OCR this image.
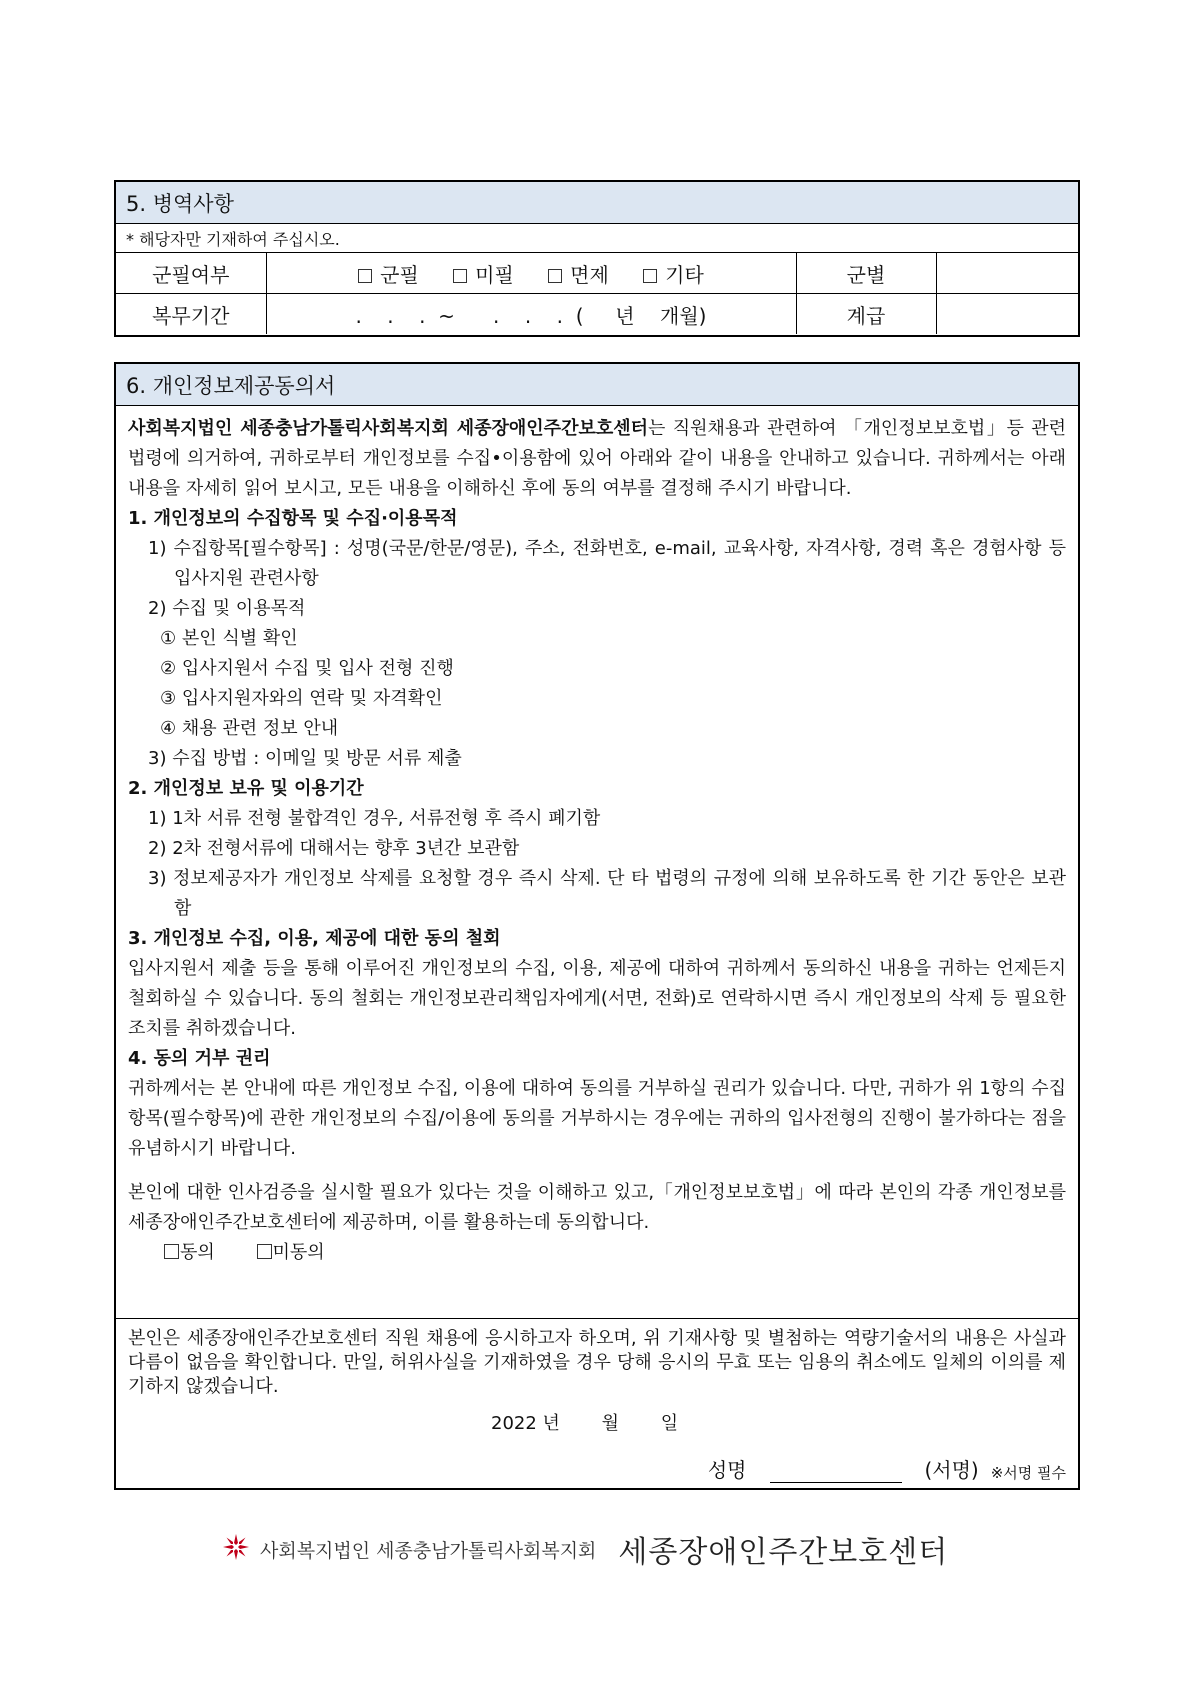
5. 병역사항
* 해당자만 기재하여 주십시오.
군필여부	군필 미필 면제 기타	군별	
복무기간	.    .    .  ~      .    .    .  (     년    개월)	계급	
6. 개인정보제공동의서

사회복지법인 세종충남가톨릭사회복지회 세종장애인주간보호센터는 직원채용과 관련하여 「개인정보보호법」등 관련 법령에 의거하여, 귀하로부터 개인정보를 수집•이용함에 있어 아래와 같이 내용을 안내하고 있습니다. 귀하께서는 아래 내용을 자세히 읽어 보시고, 모든 내용을 이해하신 후에 동의 여부를 결정해 주시기 바랍니다.

1. 개인정보의 수집항목 및 수집·이용목적

1) 수집항목[필수항목] : 성명(국문/한문/영문), 주소, 전화번호, e-mail, 교육사항, 자격사항, 경력 혹은 경험사항 등 입사지원 관련사항

2) 수집 및 이용목적

① 본인 식별 확인

② 입사지원서 수집 및 입사 전형 진행

③ 입사지원자와의 연락 및 자격확인

④ 채용 관련 정보 안내

3) 수집 방법 : 이메일 및 방문 서류 제출

2. 개인정보 보유 및 이용기간

1) 1차 서류 전형 불합격인 경우, 서류전형 후 즉시 폐기함

2) 2차 전형서류에 대해서는 향후 3년간 보관함

3) 정보제공자가 개인정보 삭제를 요청할 경우 즉시 삭제. 단 타 법령의 규정에 의해 보유하도록 한 기간 동안은 보관함

3. 개인정보 수집, 이용, 제공에 대한 동의 철회

입사지원서 제출 등을 통해 이루어진 개인정보의 수집, 이용, 제공에 대하여 귀하께서 동의하신 내용을 귀하는 언제든지 철회하실 수 있습니다. 동의 철회는 개인정보관리책임자에게(서면, 전화)로 연락하시면 즉시 개인정보의 삭제 등 필요한 조치를 취하겠습니다.

4. 동의 거부 권리

귀하께서는 본 안내에 따른 개인정보 수집, 이용에 대하여 동의를 거부하실 권리가 있습니다. 다만, 귀하가 위 1항의 수집항목(필수항목)에 관한 개인정보의 수집/이용에 동의를 거부하시는 경우에는 귀하의 입사전형의 진행이 불가하다는 점을 유념하시기 바랍니다.

본인에 대한 인사검증을 실시할 필요가 있다는 것을 이해하고 있고,「개인정보보호법」에 따라 본인의 각종 개인정보를 세종장애인주간보호센터에 제공하며, 이를 활용하는데 동의합니다.

동의	미동의

본인은 세종장애인주간보호센터 직원 채용에 응시하고자 하오며, 위 기재사항 및 별첨하는 역량기술서의 내용은 사실과 다름이 없음을 확인합니다. 만일, 허위사실을 기재하였을 경우 당해 응시의 무효 또는 임용의 취소에도 일체의 이의를 제기하지 않겠습니다.

2022 년 월 일
성명	(서명) ※서명 필수
사회복지법인 세종충남가톨릭사회복지회 세종장애인주간보호센터
